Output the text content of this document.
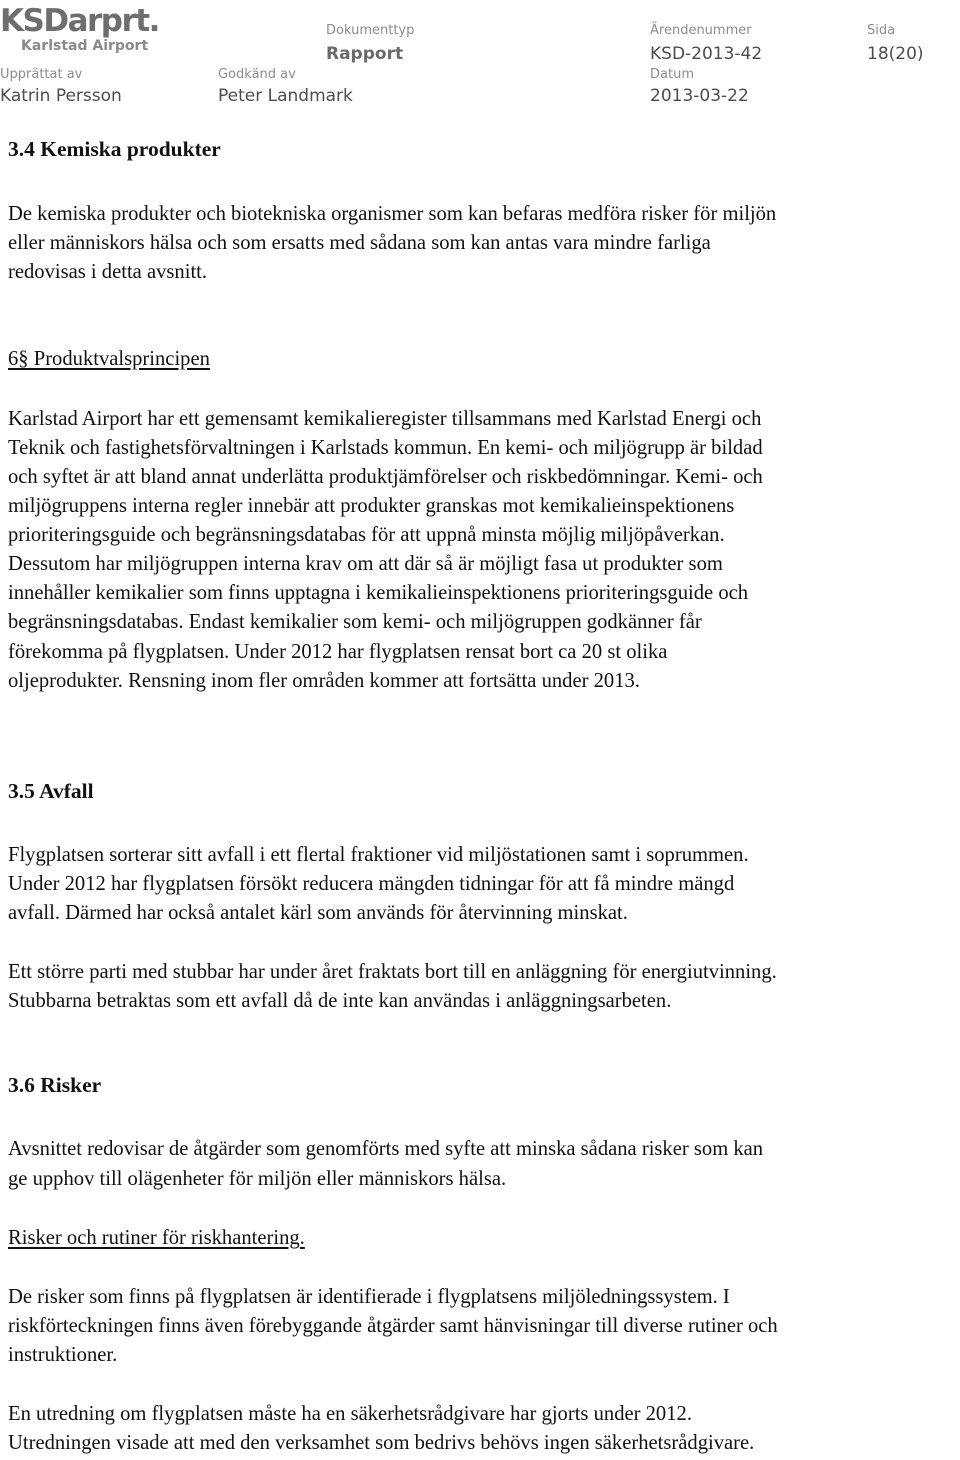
KSDarprt.
Karlstad Airport
Dokumenttyp
Rapport
Ärendenummer
KSD-2013-42
Sida
18(20)
Upprättat av
Katrin Persson
Godkänd av
Peter Landmark
Datum
2013-03-22
3.4 Kemiska produkter
De kemiska produkter och biotekniska organismer som kan befaras medföra risker för miljön
eller människors hälsa och som ersatts med sådana som kan antas vara mindre farliga
redovisas i detta avsnitt.
6§ Produktvalsprincipen
Karlstad Airport har ett gemensamt kemikalieregister tillsammans med Karlstad Energi och
Teknik och fastighetsförvaltningen i Karlstads kommun. En kemi- och miljögrupp är bildad
och syftet är att bland annat underlätta produktjämförelser och riskbedömningar. Kemi- och
miljögruppens interna regler innebär att produkter granskas mot kemikalieinspektionens
prioriteringsguide och begränsningsdatabas för att uppnå minsta möjlig miljöpåverkan.
Dessutom har miljögruppen interna krav om att där så är möjligt fasa ut produkter som
innehåller kemikalier som finns upptagna i kemikalieinspektionens prioriteringsguide och
begränsningsdatabas. Endast kemikalier som kemi- och miljögruppen godkänner får
förekomma på flygplatsen. Under 2012 har flygplatsen rensat bort ca 20 st olika
oljeprodukter. Rensning inom fler områden kommer att fortsätta under 2013.
3.5 Avfall
Flygplatsen sorterar sitt avfall i ett flertal fraktioner vid miljöstationen samt i soprummen.
Under 2012 har flygplatsen försökt reducera mängden tidningar för att få mindre mängd
avfall. Därmed har också antalet kärl som används för återvinning minskat.
Ett större parti med stubbar har under året fraktats bort till en anläggning för energiutvinning.
Stubbarna betraktas som ett avfall då de inte kan användas i anläggningsarbeten.
3.6 Risker
Avsnittet redovisar de åtgärder som genomförts med syfte att minska sådana risker som kan
ge upphov till olägenheter för miljön eller människors hälsa.
Risker och rutiner för riskhantering.
De risker som finns på flygplatsen är identifierade i flygplatsens miljöledningssystem. I
riskförteckningen finns även förebyggande åtgärder samt hänvisningar till diverse rutiner och
instruktioner.
En utredning om flygplatsen måste ha en säkerhetsrådgivare har gjorts under 2012.
Utredningen visade att med den verksamhet som bedrivs behövs ingen säkerhetsrådgivare.
